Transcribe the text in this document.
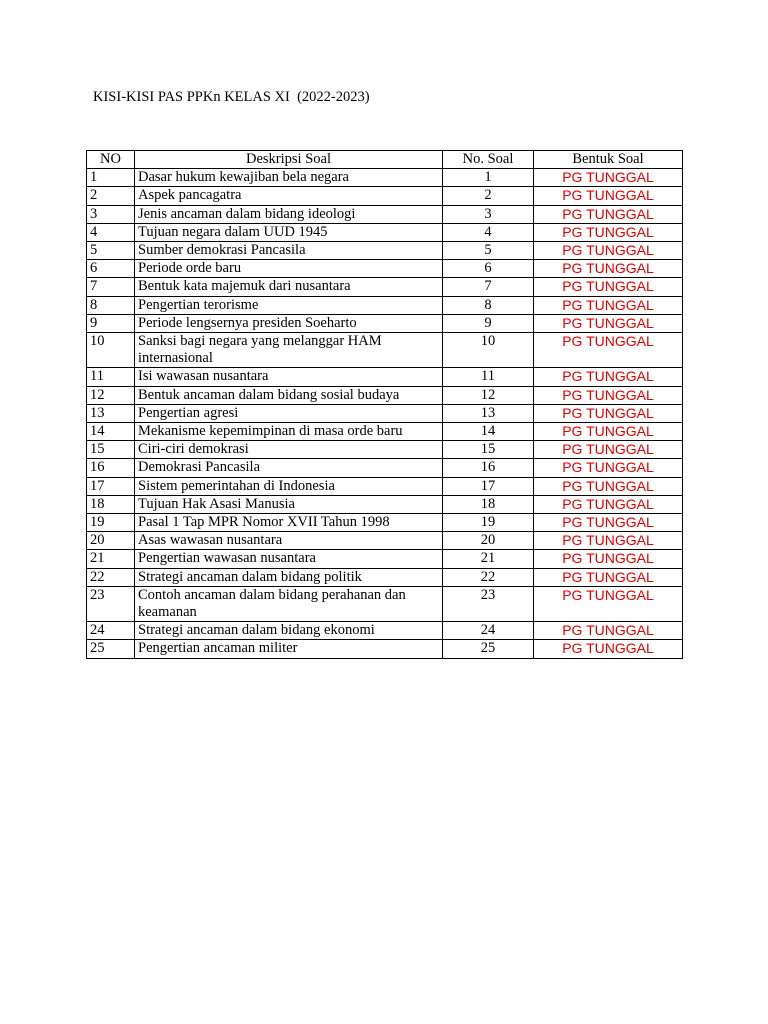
KISI-KISI PAS PPKn KELAS XI  (2022-2023)
NO	Deskripsi Soal	No. Soal	Bentuk Soal
1	Dasar hukum kewajiban bela negara	1	PG TUNGGAL
2	Aspek pancagatra	2	PG TUNGGAL
3	Jenis ancaman dalam bidang ideologi	3	PG TUNGGAL
4	Tujuan negara dalam UUD 1945	4	PG TUNGGAL
5	Sumber demokrasi Pancasila	5	PG TUNGGAL
6	Periode orde baru	6	PG TUNGGAL
7	Bentuk kata majemuk dari nusantara	7	PG TUNGGAL
8	Pengertian terorisme	8	PG TUNGGAL
9	Periode lengsernya presiden Soeharto	9	PG TUNGGAL
10	Sanksi bagi negara yang melanggar HAM internasional	10	PG TUNGGAL
11	Isi wawasan nusantara	11	PG TUNGGAL
12	Bentuk ancaman dalam bidang sosial budaya	12	PG TUNGGAL
13	Pengertian agresi	13	PG TUNGGAL
14	Mekanisme kepemimpinan di masa orde baru	14	PG TUNGGAL
15	Ciri-ciri demokrasi	15	PG TUNGGAL
16	Demokrasi Pancasila	16	PG TUNGGAL
17	Sistem pemerintahan di Indonesia	17	PG TUNGGAL
18	Tujuan Hak Asasi Manusia	18	PG TUNGGAL
19	Pasal 1 Tap MPR Nomor XVII Tahun 1998	19	PG TUNGGAL
20	Asas wawasan nusantara	20	PG TUNGGAL
21	Pengertian wawasan nusantara	21	PG TUNGGAL
22	Strategi ancaman dalam bidang politik	22	PG TUNGGAL
23	Contoh ancaman dalam bidang perahanan dan keamanan	23	PG TUNGGAL
24	Strategi ancaman dalam bidang ekonomi	24	PG TUNGGAL
25	Pengertian ancaman militer	25	PG TUNGGAL
